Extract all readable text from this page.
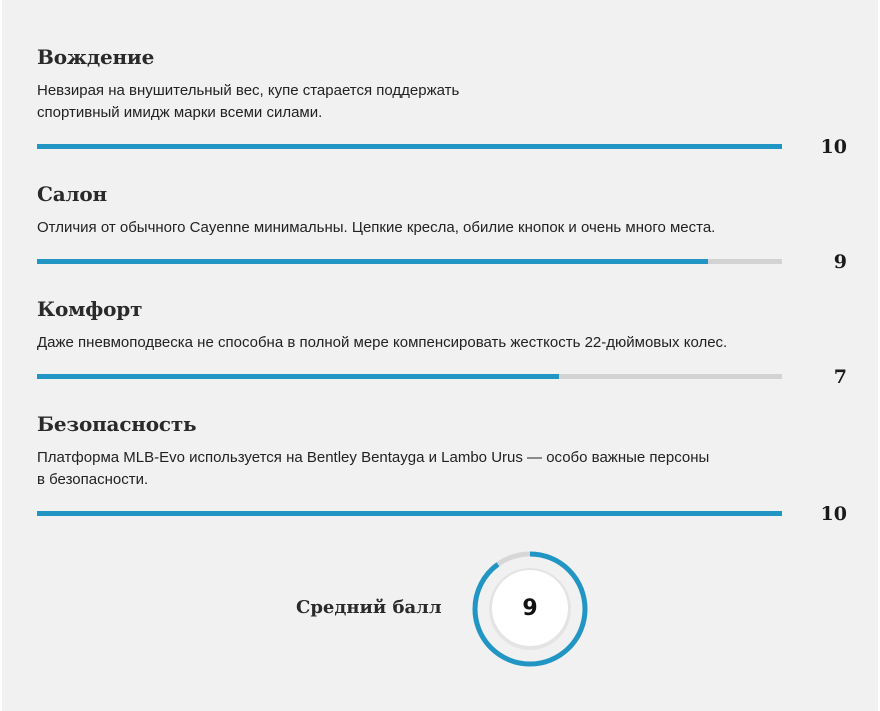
Вождение

Невзирая на внушительный вес, купе старается поддержать
спортивный имидж марки всеми силами.

10
Салон

Отличия от обычного Cayenne минимальны. Цепкие кресла, обилие кнопок и очень много места.

9
Комфорт

Даже пневмоподвеска не способна в полной мере компенсировать жесткость 22-дюймовых колес.

7
Безопасность

Платформа MLB-Evo используется на Bentley Bentayga и Lambo Urus — особо важные персоны
в безопасности.

10
Средний балл	9
